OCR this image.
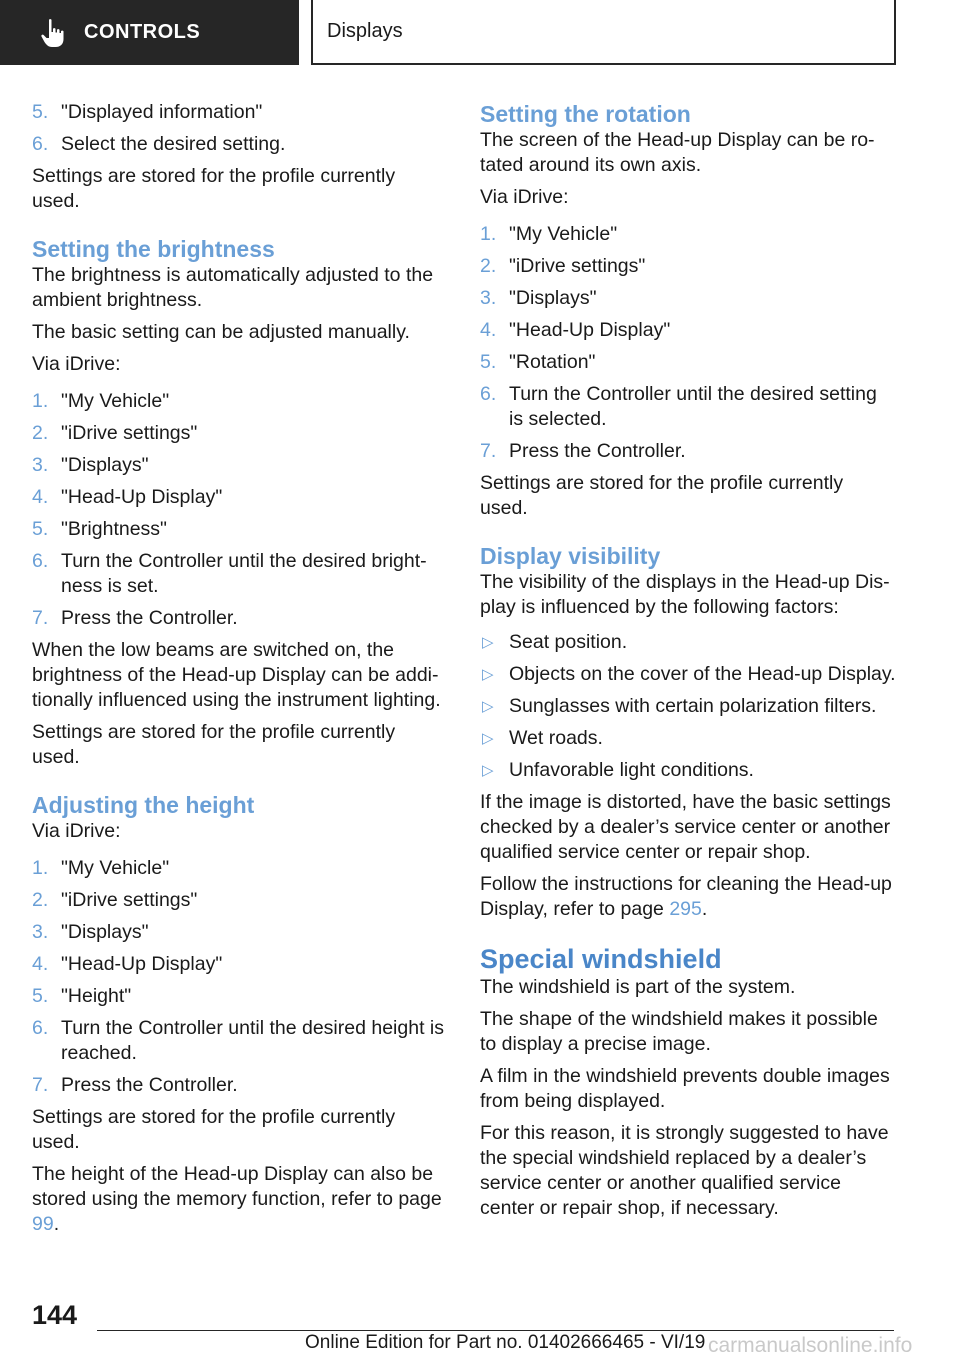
CONTROLS	Displays
5. "Displayed information"
6. Select the desired setting.

Settings are stored for the profile currently used.

Setting the brightness

The brightness is automatically adjusted to the ambient brightness.

The basic setting can be adjusted manually.

Via iDrive:

1. "My Vehicle"
2. "iDrive settings"
3. "Displays"
4. "Head-Up Display"
5. "Brightness"
6. Turn the Controller until the desired bright‐ness is set.
7. Press the Controller.

When the low beams are switched on, the brightness of the Head-up Display can be addi‐tionally influenced using the instrument lighting.

Settings are stored for the profile currently used.

Adjusting the height

Via iDrive:

1. "My Vehicle"
2. "iDrive settings"
3. "Displays"
4. "Head-Up Display"
5. "Height"
6. Turn the Controller until the desired height is reached.
7. Press the Controller.

Settings are stored for the profile currently used.

The height of the Head-up Display can also be stored using the memory function, refer to page 99.

Setting the rotation

The screen of the Head-up Display can be ro‐tated around its own axis.

Via iDrive:

1. "My Vehicle"
2. "iDrive settings"
3. "Displays"
4. "Head-Up Display"
5. "Rotation"
6. Turn the Controller until the desired setting is selected.
7. Press the Controller.

Settings are stored for the profile currently used.

Display visibility

The visibility of the displays in the Head-up Dis‐play is influenced by the following factors:

▷ Seat position.
▷ Objects on the cover of the Head-up Display.
▷ Sunglasses with certain polarization filters.
▷ Wet roads.
▷ Unfavorable light conditions.

If the image is distorted, have the basic settings checked by a dealer’s service center or another qualified service center or repair shop.

Follow the instructions for cleaning the Head-up Display, refer to page 295.

Special windshield

The windshield is part of the system.

The shape of the windshield makes it possible to display a precise image.

A film in the windshield prevents double images from being displayed.

For this reason, it is strongly suggested to have the special windshield replaced by a dealer’s service center or another qualified service center or repair shop, if necessary.

144
Online Edition for Part no. 01402666465 - VI/19 carmanualsonline.info
